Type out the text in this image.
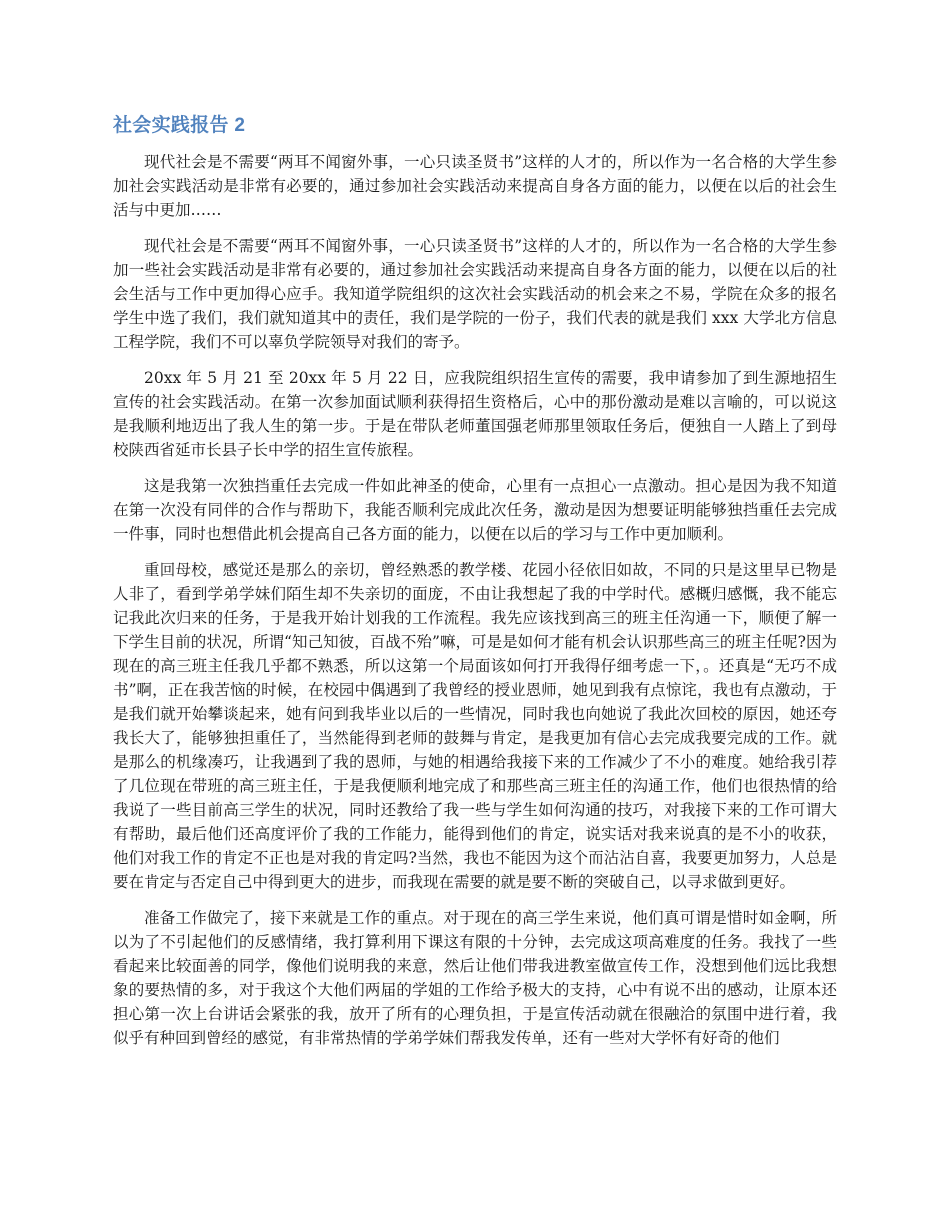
社会实践报告 2

现代社会是不需要“两耳不闻窗外事，一心只读圣贤书”这样的人才的，所以作为一名合格的大学生参加社会实践活动是非常有必要的，通过参加社会实践活动来提高自身各方面的能力，以便在以后的社会生活与中更加……

现代社会是不需要“两耳不闻窗外事，一心只读圣贤书”这样的人才的，所以作为一名合格的大学生参加一些社会实践活动是非常有必要的，通过参加社会实践活动来提高自身各方面的能力，以便在以后的社会生活与工作中更加得心应手。我知道学院组织的这次社会实践活动的机会来之不易，学院在众多的报名学生中选了我们，我们就知道其中的责任，我们是学院的一份子，我们代表的就是我们 xxx 大学北方信息工程学院，我们不可以辜负学院领导对我们的寄予。

20xx 年 5 月 21 至 20xx 年 5 月 22 日，应我院组织招生宣传的需要，我申请参加了到生源地招生宣传的社会实践活动。在第一次参加面试顺利获得招生资格后，心中的那份激动是难以言喻的，可以说这是我顺利地迈出了我人生的第一步。于是在带队老师董国强老师那里领取任务后，便独自一人踏上了到母校陕西省延市长县子长中学的招生宣传旅程。

这是我第一次独挡重任去完成一件如此神圣的使命，心里有一点担心一点激动。担心是因为我不知道在第一次没有同伴的合作与帮助下，我能否顺利完成此次任务，激动是因为想要证明能够独挡重任去完成一件事，同时也想借此机会提高自己各方面的能力，以便在以后的学习与工作中更加顺利。

重回母校，感觉还是那么的亲切，曾经熟悉的教学楼、花园小径依旧如故，不同的只是这里早已物是人非了，看到学弟学妹们陌生却不失亲切的面庞，不由让我想起了我的中学时代。感概归感慨，我不能忘记我此次归来的任务，于是我开始计划我的工作流程。我先应该找到高三的班主任沟通一下，顺便了解一下学生目前的状况，所谓“知己知彼，百战不殆”嘛，可是是如何才能有机会认识那些高三的班主任呢?因为现在的高三班主任我几乎都不熟悉，所以这第一个局面该如何打开我得仔细考虑一下，。还真是“无巧不成书”啊，正在我苦恼的时候，在校园中偶遇到了我曾经的授业恩师，她见到我有点惊诧，我也有点激动，于是我们就开始攀谈起来，她有问到我毕业以后的一些情况，同时我也向她说了我此次回校的原因，她还夸我长大了，能够独担重任了，当然能得到老师的鼓舞与肯定，是我更加有信心去完成我要完成的工作。就是那么的机缘凑巧，让我遇到了我的恩师，与她的相遇给我接下来的工作减少了不小的难度。她给我引荐了几位现在带班的高三班主任，于是我便顺利地完成了和那些高三班主任的沟通工作，他们也很热情的给我说了一些目前高三学生的状况，同时还教给了我一些与学生如何沟通的技巧，对我接下来的工作可谓大有帮助，最后他们还高度评价了我的工作能力，能得到他们的肯定，说实话对我来说真的是不小的收获，他们对我工作的肯定不正也是对我的肯定吗?当然，我也不能因为这个而沾沾自喜，我要更加努力，人总是要在肯定与否定自己中得到更大的进步，而我现在需要的就是要不断的突破自己，以寻求做到更好。

准备工作做完了，接下来就是工作的重点。对于现在的高三学生来说，他们真可谓是惜时如金啊，所以为了不引起他们的反感情绪，我打算利用下课这有限的十分钟，去完成这项高难度的任务。我找了一些看起来比较面善的同学，像他们说明我的来意，然后让他们带我进教室做宣传工作，没想到他们远比我想象的要热情的多，对于我这个大他们两届的学姐的工作给予极大的支持，心中有说不出的感动，让原本还担心第一次上台讲话会紧张的我，放开了所有的心理负担，于是宣传活动就在很融洽的氛围中进行着，我似乎有种回到曾经的感觉，有非常热情的学弟学妹们帮我发传单，还有一些对大学怀有好奇的他们
